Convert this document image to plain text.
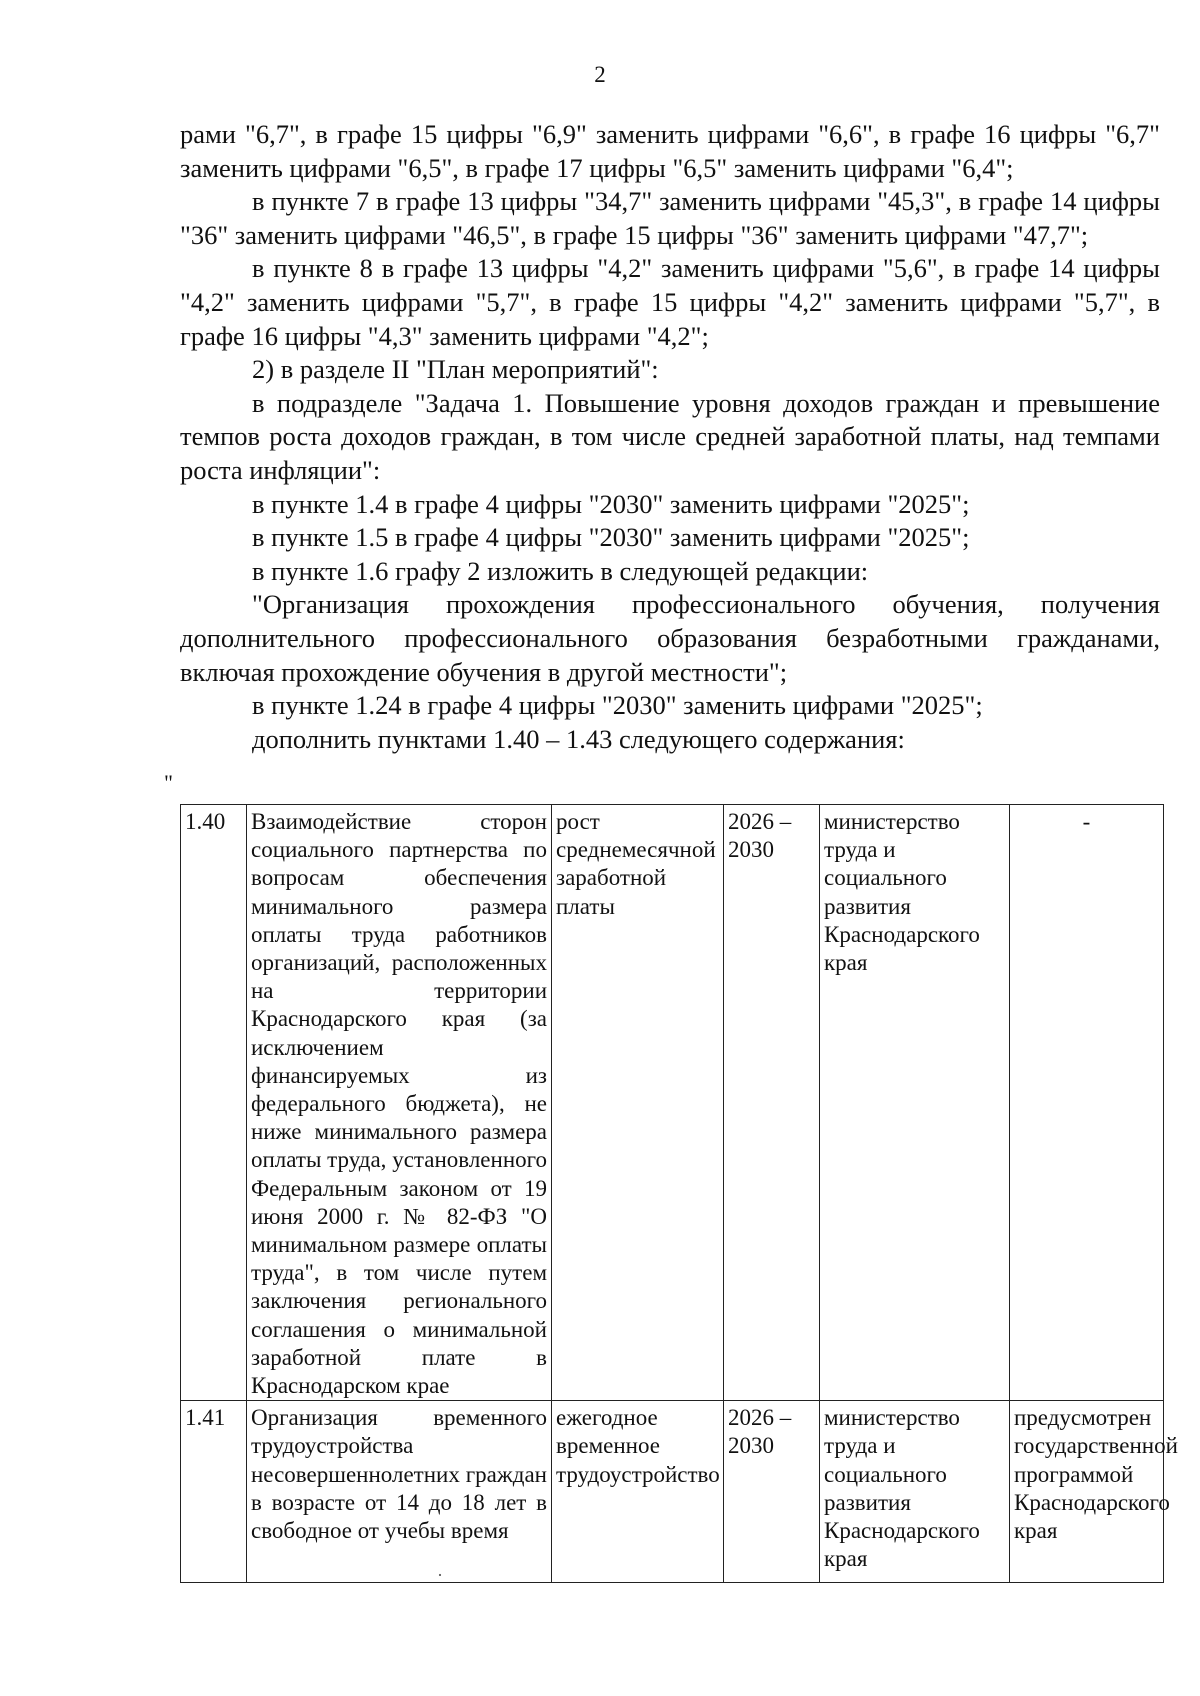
2

рами "6,7", в графе 15 цифры "6,9" заменить цифрами "6,6", в графе 16 цифры "6,7" заменить цифрами "6,5", в графе 17 цифры "6,5" заменить цифрами "6,4";

в пункте 7 в графе 13 цифры "34,7" заменить цифрами "45,3", в графе 14 цифры "36" заменить цифрами "46,5", в графе 15 цифры "36" заменить цифрами "47,7";

в пункте 8 в графе 13 цифры "4,2" заменить цифрами "5,6", в графе 14 цифры "4,2" заменить цифрами "5,7", в графе 15 цифры "4,2" заменить цифрами "5,7", в графе 16 цифры "4,3" заменить цифрами "4,2";

2) в разделе II "План мероприятий":

в подразделе "Задача 1. Повышение уровня доходов граждан и превышение темпов роста доходов граждан, в том числе средней заработной платы, над темпами роста инфляции":

в пункте 1.4 в графе 4 цифры "2030" заменить цифрами "2025";

в пункте 1.5 в графе 4 цифры "2030" заменить цифрами "2025";

в пункте 1.6 графу 2 изложить в следующей редакции:

"Организация прохождения профессионального обучения, получения дополнительного профессионального образования безработными гражданами, включая прохождение обучения в другой местности";

в пункте 1.24 в графе 4 цифры "2030" заменить цифрами "2025";

дополнить пунктами 1.40 – 1.43 следующего содержания:

"
1.40	Взаимодействие сторон социального партнерства по вопросам обеспечения минимального размера оплаты труда работников организаций, расположенных на территории Краснодарского края (за исключением финансируемых из федерального бюджета), не ниже минимального размера оплаты труда, установленного Федеральным законом от 19 июня 2000 г. № 82-ФЗ "О минимальном размере оплаты труда", в том числе путем заключения регионального соглашения о минимальной заработной плате в Краснодарском крае	рост среднемесячной заработной платы	2026 – 2030	министерство труда и социального развития Краснодарского края	-
1.41	Организация временного трудоустройства несовершеннолетних граждан в возрасте от 14 до 18 лет в свободное от учебы время	ежегодное временное трудоустройство	2026 – 2030	министерство труда и социального развития Краснодарского края	предусмотрен государственной программой Краснодарского края
·
